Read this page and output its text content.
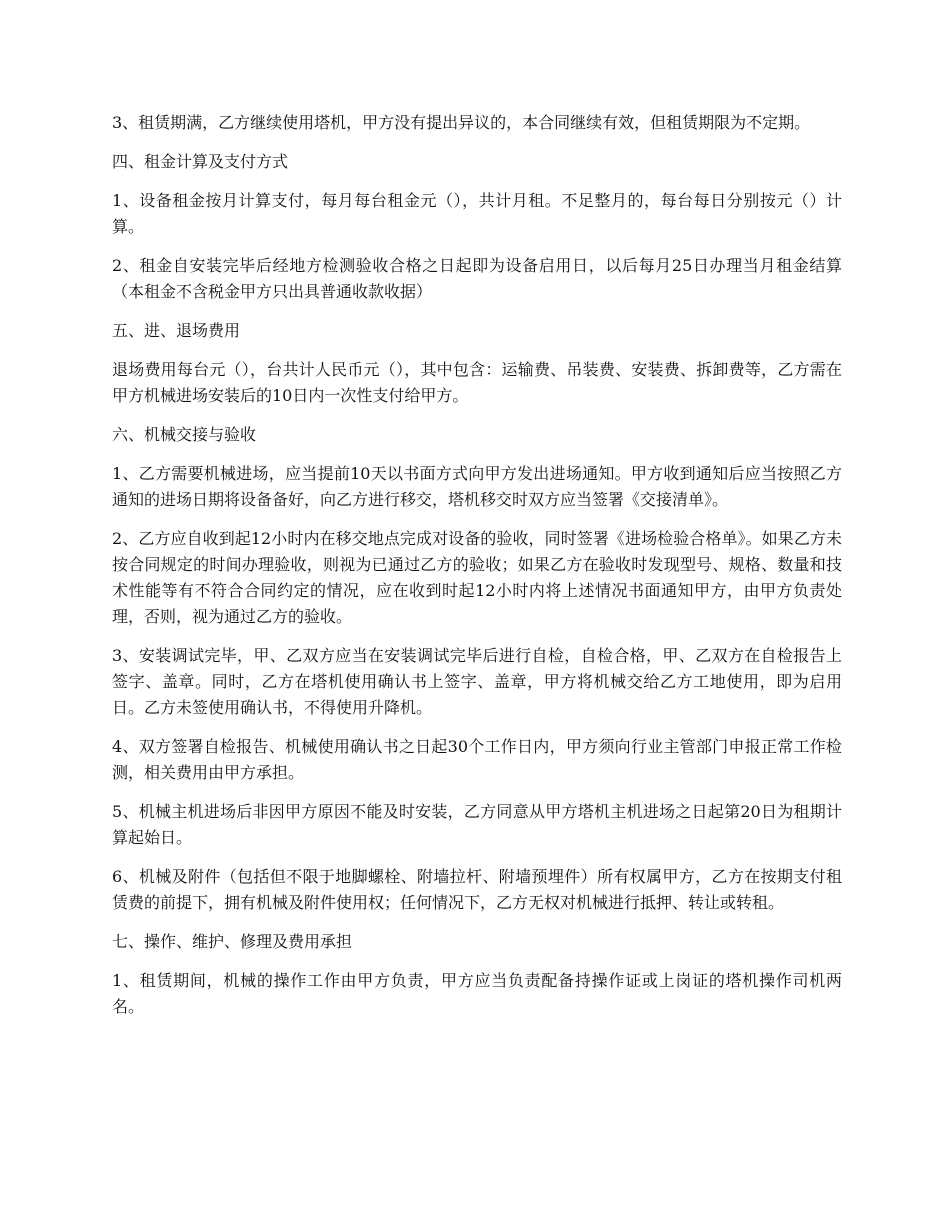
3、租赁期满，乙方继续使用塔机，甲方没有提出异议的，本合同继续有效，但租赁期限为不定期。

四、租金计算及支付方式

1、设备租金按月计算支付，每月每台租金元（），共计月租。不足整月的，每台每日分别按元（）计算。

2、租金自安装完毕后经地方检测验收合格之日起即为设备启用日，以后每月25日办理当月租金结算（本租金不含税金甲方只出具普通收款收据）

五、进、退场费用

退场费用每台元（），台共计人民币元（），其中包含：运输费、吊装费、安装费、拆卸费等，乙方需在甲方机械进场安装后的10日内一次性支付给甲方。

六、机械交接与验收

1、乙方需要机械进场，应当提前10天以书面方式向甲方发出进场通知。甲方收到通知后应当按照乙方通知的进场日期将设备备好，向乙方进行移交，塔机移交时双方应当签署《交接清单》。

2、乙方应自收到起12小时内在移交地点完成对设备的验收，同时签署《进场检验合格单》。如果乙方未按合同规定的时间办理验收，则视为已通过乙方的验收；如果乙方在验收时发现型号、规格、数量和技术性能等有不符合合同约定的情况，应在收到时起12小时内将上述情况书面通知甲方，由甲方负责处理，否则，视为通过乙方的验收。

3、安装调试完毕，甲、乙双方应当在安装调试完毕后进行自检，自检合格，甲、乙双方在自检报告上签字、盖章。同时，乙方在塔机使用确认书上签字、盖章，甲方将机械交给乙方工地使用，即为启用日。乙方未签使用确认书，不得使用升降机。

4、双方签署自检报告、机械使用确认书之日起30个工作日内，甲方须向行业主管部门申报正常工作检测，相关费用由甲方承担。

5、机械主机进场后非因甲方原因不能及时安装，乙方同意从甲方塔机主机进场之日起第20日为租期计算起始日。

6、机械及附件（包括但不限于地脚螺栓、附墙拉杆、附墙预埋件）所有权属甲方，乙方在按期支付租赁费的前提下，拥有机械及附件使用权；任何情况下，乙方无权对机械进行抵押、转让或转租。

七、操作、维护、修理及费用承担

1、租赁期间，机械的操作工作由甲方负责，甲方应当负责配备持操作证或上岗证的塔机操作司机两名。
